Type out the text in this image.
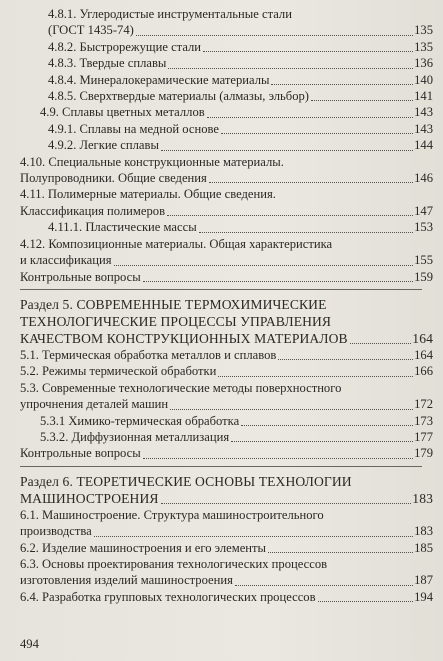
4.8.1. Углеродистые инструментальные стали
(ГОСТ 1435-74)	135
4.8.2. Быстрорежущие стали	135
4.8.3. Твердые сплавы	136
4.8.4. Минералокерамические материалы	140
4.8.5. Сверхтвердые материалы (алмазы, эльбор)	141
4.9. Сплавы цветных металлов	143
4.9.1. Сплавы на медной основе	143
4.9.2. Легкие сплавы	144
4.10. Специальные конструкционные материалы.
Полупроводники. Общие сведения	146
4.11. Полимерные материалы. Общие сведения.
Классификация полимеров	147
4.11.1. Пластические массы	153
4.12. Композиционные материалы. Общая характеристика
и классификация	155
Контрольные вопросы	159
Раздел 5. СОВРЕМЕННЫЕ ТЕРМОХИМИЧЕСКИЕ
ТЕХНОЛОГИЧЕСКИЕ ПРОЦЕССЫ УПРАВЛЕНИЯ
КАЧЕСТВОМ КОНСТРУКЦИОННЫХ МАТЕРИАЛОВ	164
5.1. Термическая обработка металлов и сплавов	164
5.2. Режимы термической обработки	166
5.3. Современные технологические методы поверхностного
упрочнения деталей машин	172
5.3.1 Химико-термическая обработка	173
5.3.2. Диффузионная металлизация	177
Контрольные вопросы	179
Раздел 6. ТЕОРЕТИЧЕСКИЕ ОСНОВЫ ТЕХНОЛОГИИ
МАШИНОСТРОЕНИЯ	183
6.1. Машиностроение. Структура машиностроительного
производства	183
6.2. Изделие машиностроения и его элементы	185
6.3. Основы проектирования технологических процессов
изготовления изделий машиностроения	187
6.4. Разработка групповых технологических процессов	194
494
